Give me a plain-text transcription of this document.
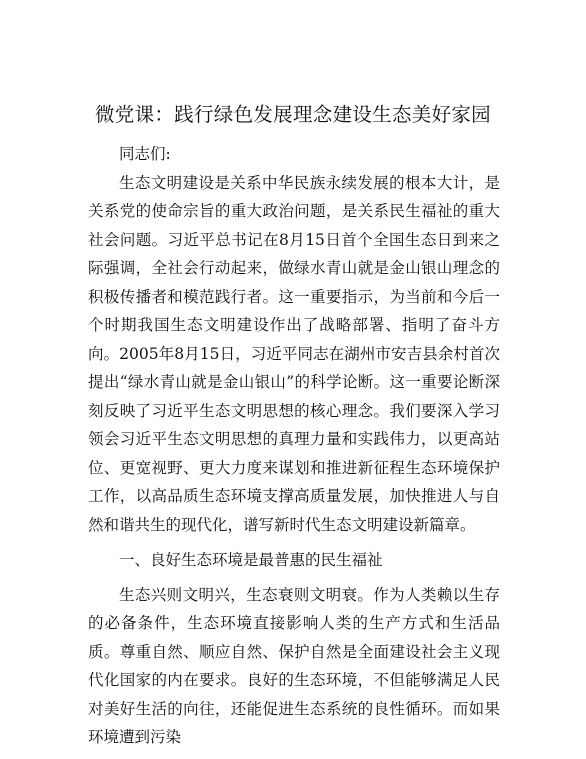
微党课：践行绿色发展理念建设生态美好家园

同志们:

生态文明建设是关系中华民族永续发展的根本大计，是关系党的使命宗旨的重大政治问题，是关系民生福祉的重大社会问题。习近平总书记在8月15日首个全国生态日到来之际强调，全社会行动起来，做绿水青山就是金山银山理念的积极传播者和模范践行者。这一重要指示，为当前和今后一个时期我国生态文明建设作出了战略部署、指明了奋斗方向。2005年8月15日，习近平同志在湖州市安吉县余村首次提出“绿水青山就是金山银山”的科学论断。这一重要论断深刻反映了习近平生态文明思想的核心理念。我们要深入学习领会习近平生态文明思想的真理力量和实践伟力，以更高站位、更宽视野、更大力度来谋划和推进新征程生态环境保护工作，以高品质生态环境支撑高质量发展，加快推进人与自然和谐共生的现代化，谱写新时代生态文明建设新篇章。

一、良好生态环境是最普惠的民生福祉

生态兴则文明兴，生态衰则文明衰。作为人类赖以生存的必备条件，生态环境直接影响人类的生产方式和生活品质。尊重自然、顺应自然、保护自然是全面建设社会主义现代化国家的内在要求。良好的生态环境，不但能够满足人民对美好生活的向往，还能促进生态系统的良性循环。而如果环境遭到污染
